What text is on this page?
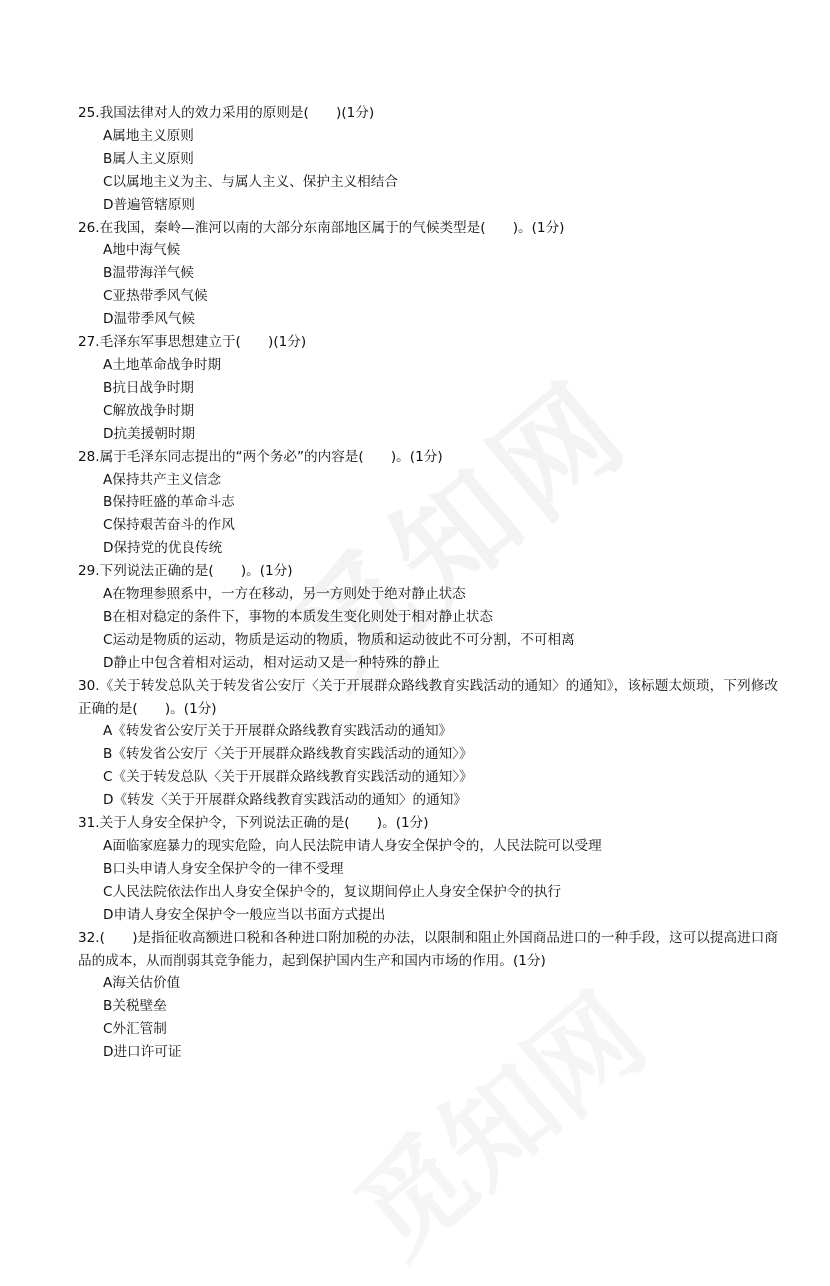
25.我国法律对人的效力采用的原则是(　　)(1分)

A属地主义原则

B属人主义原则

C以属地主义为主、与属人主义、保护主义相结合

D普遍管辖原则

26.在我国，秦岭—淮河以南的大部分东南部地区属于的气候类型是(　　)。(1分)

A地中海气候

B温带海洋气候

C亚热带季风气候

D温带季风气候

27.毛泽东军事思想建立于(　　)(1分)

A土地革命战争时期

B抗日战争时期

C解放战争时期

D抗美援朝时期

28.属于毛泽东同志提出的“两个务必”的内容是(　　)。(1分)

A保持共产主义信念

B保持旺盛的革命斗志

C保持艰苦奋斗的作风

D保持党的优良传统

29.下列说法正确的是(　　)。(1分)

A在物理参照系中，一方在移动，另一方则处于绝对静止状态

B在相对稳定的条件下，事物的本质发生变化则处于相对静止状态

C运动是物质的运动，物质是运动的物质，物质和运动彼此不可分割，不可相离

D静止中包含着相对运动，相对运动又是一种特殊的静止

30.《关于转发总队关于转发省公安厅〈关于开展群众路线教育实践活动的通知〉的通知》，该标题太烦琐，下列修改正确的是(　　)。(1分)

A《转发省公安厅关于开展群众路线教育实践活动的通知》

B《转发省公安厅〈关于开展群众路线教育实践活动的通知〉》

C《关于转发总队〈关于开展群众路线教育实践活动的通知〉》

D《转发〈关于开展群众路线教育实践活动的通知〉的通知》

31.关于人身安全保护令，下列说法正确的是(　　)。(1分)

A面临家庭暴力的现实危险，向人民法院申请人身安全保护令的，人民法院可以受理

B口头申请人身安全保护令的一律不受理

C人民法院依法作出人身安全保护令的，复议期间停止人身安全保护令的执行

D申请人身安全保护令一般应当以书面方式提出

32.(　　)是指征收高额进口税和各种进口附加税的办法，以限制和阻止外国商品进口的一种手段，这可以提高进口商品的成本，从而削弱其竞争能力，起到保护国内生产和国内市场的作用。(1分)

A海关估价值

B关税壁垒

C外汇管制

D进口许可证
